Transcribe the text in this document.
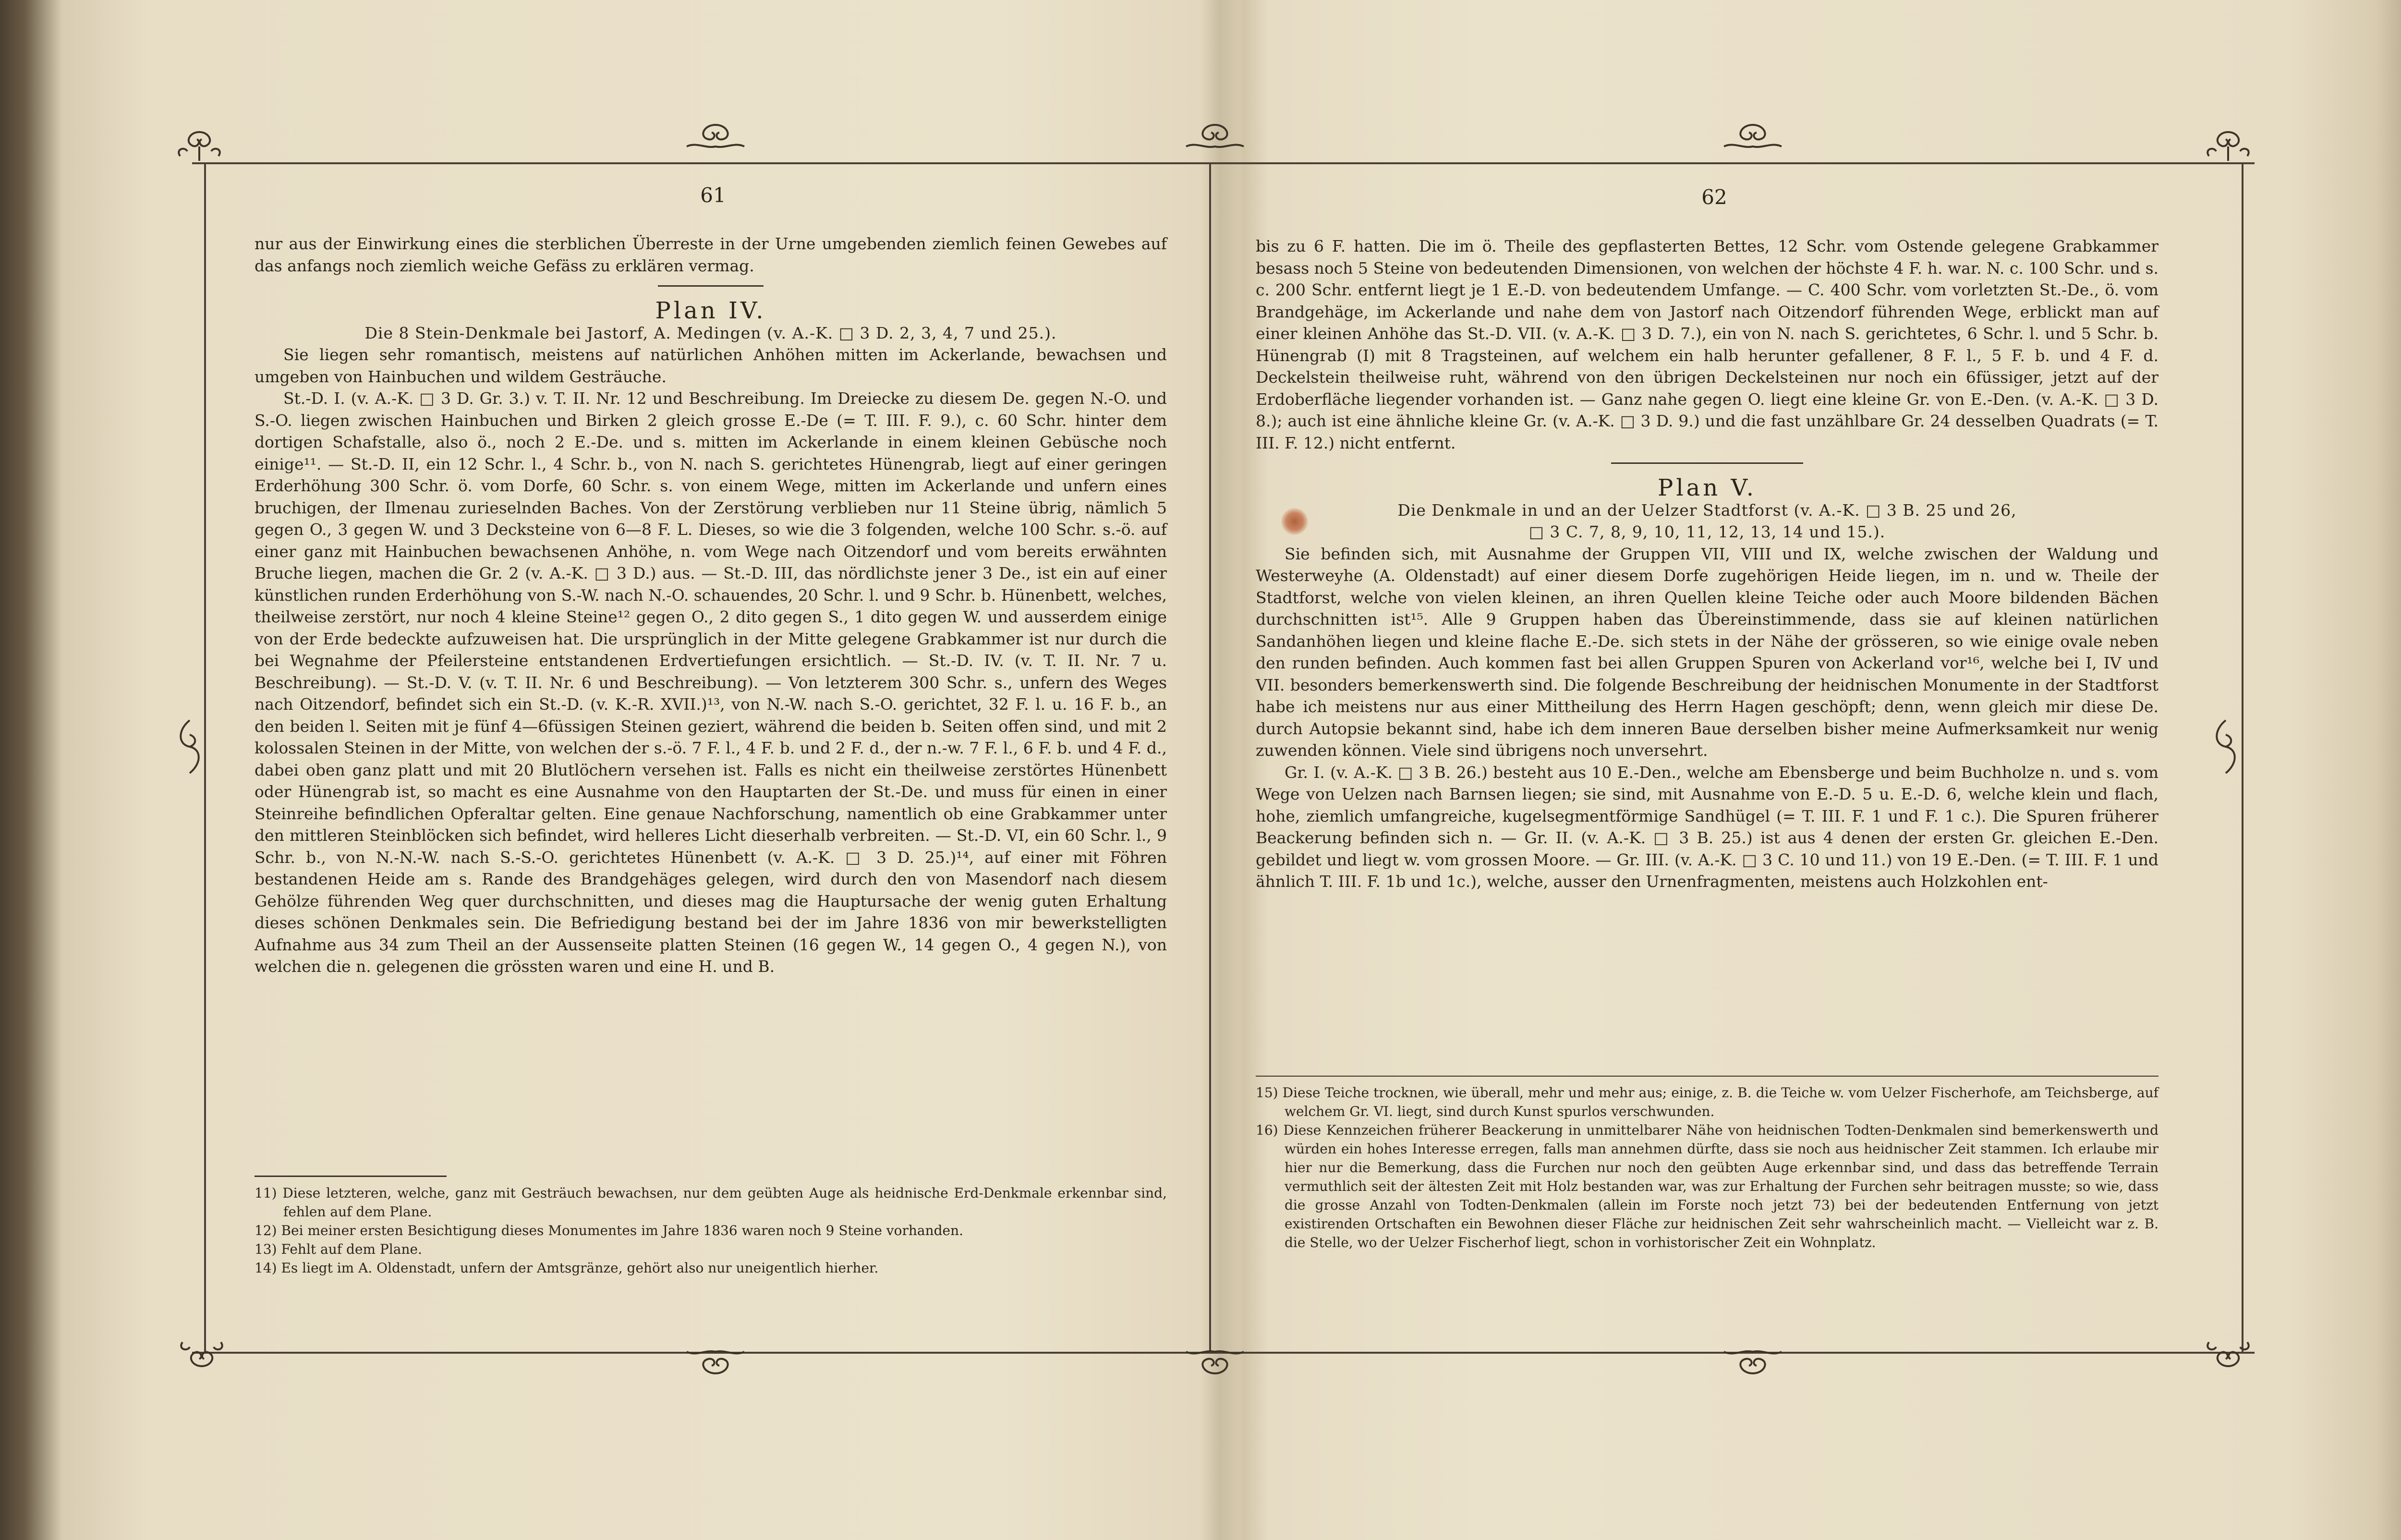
61

nur aus der Einwirkung eines die sterblichen Überreste in der Urne umgebenden ziemlich feinen Gewebes auf das anfangs noch ziemlich weiche Gefäss zu erklären vermag.

Plan IV.

Die 8 Stein-Denkmale bei Jastorf, A. Medingen (v. A.-K. □ 3 D. 2, 3, 4, 7 und 25.).

Sie liegen sehr romantisch, meistens auf natürlichen Anhöhen mitten im Ackerlande, bewachsen und umgeben von Hainbuchen und wildem Gesträuche.

St.-D. I. (v. A.-K. □ 3 D. Gr. 3.) v. T. II. Nr. 12 und Beschreibung. Im Dreiecke zu diesem De. gegen N.-O. und S.-O. liegen zwischen Hainbuchen und Birken 2 gleich grosse E.-De (= T. III. F. 9.), c. 60 Schr. hinter dem dortigen Schafstalle, also ö., noch 2 E.-De. und s. mitten im Ackerlande in einem kleinen Gebüsche noch einige¹¹. — St.-D. II, ein 12 Schr. l., 4 Schr. b., von N. nach S. gerichtetes Hünengrab, liegt auf einer geringen Erderhöhung 300 Schr. ö. vom Dorfe, 60 Schr. s. von einem Wege, mitten im Ackerlande und unfern eines bruchigen, der Ilmenau zurieselnden Baches. Von der Zerstörung verblieben nur 11 Steine übrig, nämlich 5 gegen O., 3 gegen W. und 3 Decksteine von 6—8 F. L. Dieses, so wie die 3 folgenden, welche 100 Schr. s.-ö. auf einer ganz mit Hainbuchen bewachsenen Anhöhe, n. vom Wege nach Oitzendorf und vom bereits erwähnten Bruche liegen, machen die Gr. 2 (v. A.-K. □ 3 D.) aus. — St.-D. III, das nördlichste jener 3 De., ist ein auf einer künstlichen runden Erderhöhung von S.-W. nach N.-O. schauendes, 20 Schr. l. und 9 Schr. b. Hünenbett, welches, theilweise zerstört, nur noch 4 kleine Steine¹² gegen O., 2 dito gegen S., 1 dito gegen W. und ausserdem einige von der Erde bedeckte aufzuweisen hat. Die ursprünglich in der Mitte gelegene Grabkammer ist nur durch die bei Wegnahme der Pfeilersteine entstandenen Erdvertiefungen ersichtlich. — St.-D. IV. (v. T. II. Nr. 7 u. Beschreibung). — St.-D. V. (v. T. II. Nr. 6 und Beschreibung). — Von letzterem 300 Schr. s., unfern des Weges nach Oitzendorf, befindet sich ein St.-D. (v. K.-R. XVII.)¹³, von N.-W. nach S.-O. gerichtet, 32 F. l. u. 16 F. b., an den beiden l. Seiten mit je fünf 4—6füssigen Steinen geziert, während die beiden b. Seiten offen sind, und mit 2 kolossalen Steinen in der Mitte, von welchen der s.-ö. 7 F. l., 4 F. b. und 2 F. d., der n.-w. 7 F. l., 6 F. b. und 4 F. d., dabei oben ganz platt und mit 20 Blutlöchern versehen ist. Falls es nicht ein theilweise zerstörtes Hünenbett oder Hünengrab ist, so macht es eine Ausnahme von den Hauptarten der St.-De. und muss für einen in einer Steinreihe befindlichen Opferaltar gelten. Eine genaue Nachforschung, namentlich ob eine Grabkammer unter den mittleren Steinblöcken sich befindet, wird helleres Licht dieserhalb verbreiten. — St.-D. VI, ein 60 Schr. l., 9 Schr. b., von N.-N.-W. nach S.-S.-O. gerichtetes Hünenbett (v. A.-K. □ 3 D. 25.)¹⁴, auf einer mit Föhren bestandenen Heide am s. Rande des Brandgehäges gelegen, wird durch den von Masendorf nach diesem Gehölze führenden Weg quer durchschnitten, und dieses mag die Hauptursache der wenig guten Erhaltung dieses schönen Denkmales sein. Die Befriedigung bestand bei der im Jahre 1836 von mir bewerkstelligten Aufnahme aus 34 zum Theil an der Aussenseite platten Steinen (16 gegen W., 14 gegen O., 4 gegen N.), von welchen die n. gelegenen die grössten waren und eine H. und B.

11) Diese letzteren, welche, ganz mit Gesträuch bewachsen, nur dem geübten Auge als heidnische Erd-Denkmale erkennbar sind, fehlen auf dem Plane.

12) Bei meiner ersten Besichtigung dieses Monumentes im Jahre 1836 waren noch 9 Steine vorhanden.

13) Fehlt auf dem Plane.

14) Es liegt im A. Oldenstadt, unfern der Amtsgränze, gehört also nur uneigentlich hierher.

62

bis zu 6 F. hatten. Die im ö. Theile des gepflasterten Bettes, 12 Schr. vom Ostende gelegene Grabkammer besass noch 5 Steine von bedeutenden Dimensionen, von welchen der höchste 4 F. h. war. N. c. 100 Schr. und s. c. 200 Schr. entfernt liegt je 1 E.-D. von bedeutendem Umfange. — C. 400 Schr. vom vorletzten St.-De., ö. vom Brandgehäge, im Ackerlande und nahe dem von Jastorf nach Oitzendorf führenden Wege, erblickt man auf einer kleinen Anhöhe das St.-D. VII. (v. A.-K. □ 3 D. 7.), ein von N. nach S. gerichtetes, 6 Schr. l. und 5 Schr. b. Hünengrab (I) mit 8 Tragsteinen, auf welchem ein halb herunter gefallener, 8 F. l., 5 F. b. und 4 F. d. Deckelstein theilweise ruht, während von den übrigen Deckelsteinen nur noch ein 6füssiger, jetzt auf der Erdoberfläche liegender vorhanden ist. — Ganz nahe gegen O. liegt eine kleine Gr. von E.-Den. (v. A.-K. □ 3 D. 8.); auch ist eine ähnliche kleine Gr. (v. A.-K. □ 3 D. 9.) und die fast unzählbare Gr. 24 desselben Quadrats (= T. III. F. 12.) nicht entfernt.

Plan V.

Die Denkmale in und an der Uelzer Stadtforst (v. A.-K. □ 3 B. 25 und 26,

□ 3 C. 7, 8, 9, 10, 11, 12, 13, 14 und 15.).

Sie befinden sich, mit Ausnahme der Gruppen VII, VIII und IX, welche zwischen der Waldung und Westerweyhe (A. Oldenstadt) auf einer diesem Dorfe zugehörigen Heide liegen, im n. und w. Theile der Stadtforst, welche von vielen kleinen, an ihren Quellen kleine Teiche oder auch Moore bildenden Bächen durchschnitten ist¹⁵. Alle 9 Gruppen haben das Übereinstimmende, dass sie auf kleinen natürlichen Sandanhöhen liegen und kleine flache E.-De. sich stets in der Nähe der grösseren, so wie einige ovale neben den runden befinden. Auch kommen fast bei allen Gruppen Spuren von Ackerland vor¹⁶, welche bei I, IV und VII. besonders bemerkenswerth sind. Die folgende Beschreibung der heidnischen Monumente in der Stadtforst habe ich meistens nur aus einer Mittheilung des Herrn Hagen geschöpft; denn, wenn gleich mir diese De. durch Autopsie bekannt sind, habe ich dem inneren Baue derselben bisher meine Aufmerksamkeit nur wenig zuwenden können. Viele sind übrigens noch unversehrt.

Gr. I. (v. A.-K. □ 3 B. 26.) besteht aus 10 E.-Den., welche am Ebensberge und beim Buchholze n. und s. vom Wege von Uelzen nach Barnsen liegen; sie sind, mit Ausnahme von E.-D. 5 u. E.-D. 6, welche klein und flach, hohe, ziemlich umfangreiche, kugelsegmentförmige Sandhügel (= T. III. F. 1 und F. 1 c.). Die Spuren früherer Beackerung befinden sich n. — Gr. II. (v. A.-K. □ 3 B. 25.) ist aus 4 denen der ersten Gr. gleichen E.-Den. gebildet und liegt w. vom grossen Moore. — Gr. III. (v. A.-K. □ 3 C. 10 und 11.) von 19 E.-Den. (= T. III. F. 1 und ähnlich T. III. F. 1b und 1c.), welche, ausser den Urnenfragmenten, meistens auch Holzkohlen ent-

15) Diese Teiche trocknen, wie überall, mehr und mehr aus; einige, z. B. die Teiche w. vom Uelzer Fischerhofe, am Teichsberge, auf welchem Gr. VI. liegt, sind durch Kunst spurlos verschwunden.

16) Diese Kennzeichen früherer Beackerung in unmittelbarer Nähe von heidnischen Todten-Denkmalen sind bemerkenswerth und würden ein hohes Interesse erregen, falls man annehmen dürfte, dass sie noch aus heidnischer Zeit stammen. Ich erlaube mir hier nur die Bemerkung, dass die Furchen nur noch den geübten Auge erkennbar sind, und dass das betreffende Terrain vermuthlich seit der ältesten Zeit mit Holz bestanden war, was zur Erhaltung der Furchen sehr beitragen musste; so wie, dass die grosse Anzahl von Todten-Denkmalen (allein im Forste noch jetzt 73) bei der bedeutenden Entfernung von jetzt existirenden Ortschaften ein Bewohnen dieser Fläche zur heidnischen Zeit sehr wahrscheinlich macht. — Vielleicht war z. B. die Stelle, wo der Uelzer Fischerhof liegt, schon in vorhistorischer Zeit ein Wohnplatz.
